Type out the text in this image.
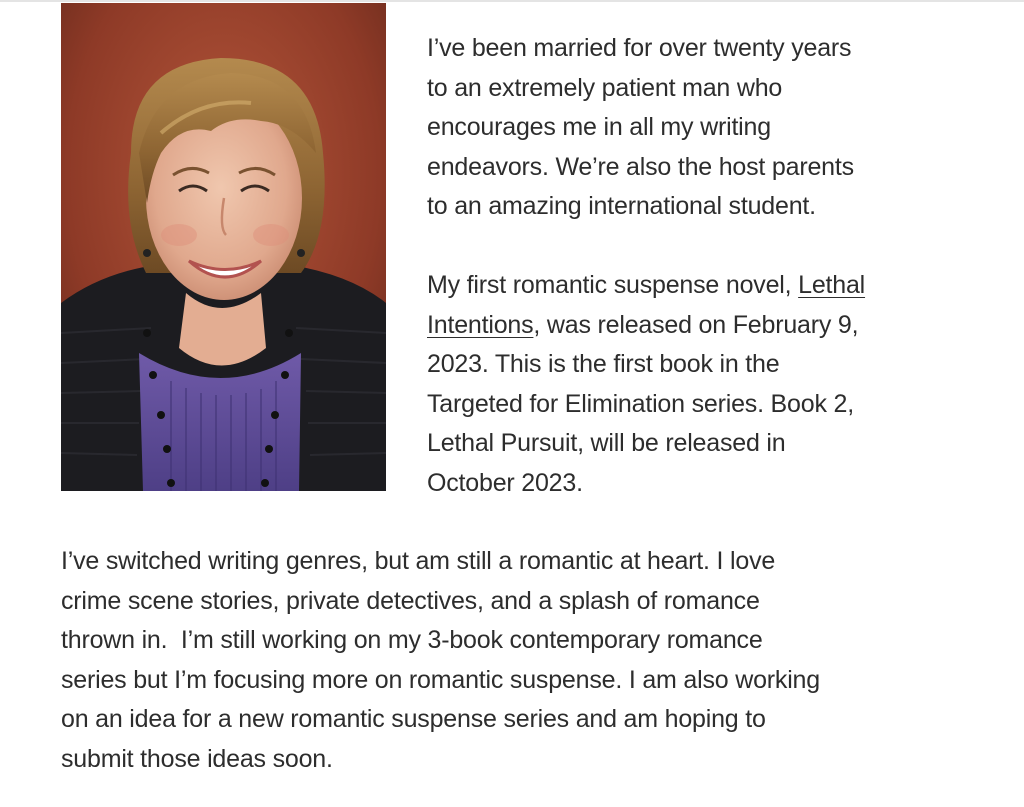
I’ve been married for over twenty years
to an extremely patient man who
encourages me in all my writing
endeavors. We’re also the host parents
to an amazing international student.

My first romantic suspense novel, Lethal
Intentions, was released on February 9,
2023. This is the first book in the
Targeted for Elimination series. Book 2,
Lethal Pursuit, will be released in
October 2023.

I’ve switched writing genres, but am still a romantic at heart. I love
crime scene stories, private detectives, and a splash of romance
thrown in.  I’m still working on my 3-book contemporary romance
series but I’m focusing more on romantic suspense. I am also working
on an idea for a new romantic suspense series and am hoping to
submit those ideas soon.
